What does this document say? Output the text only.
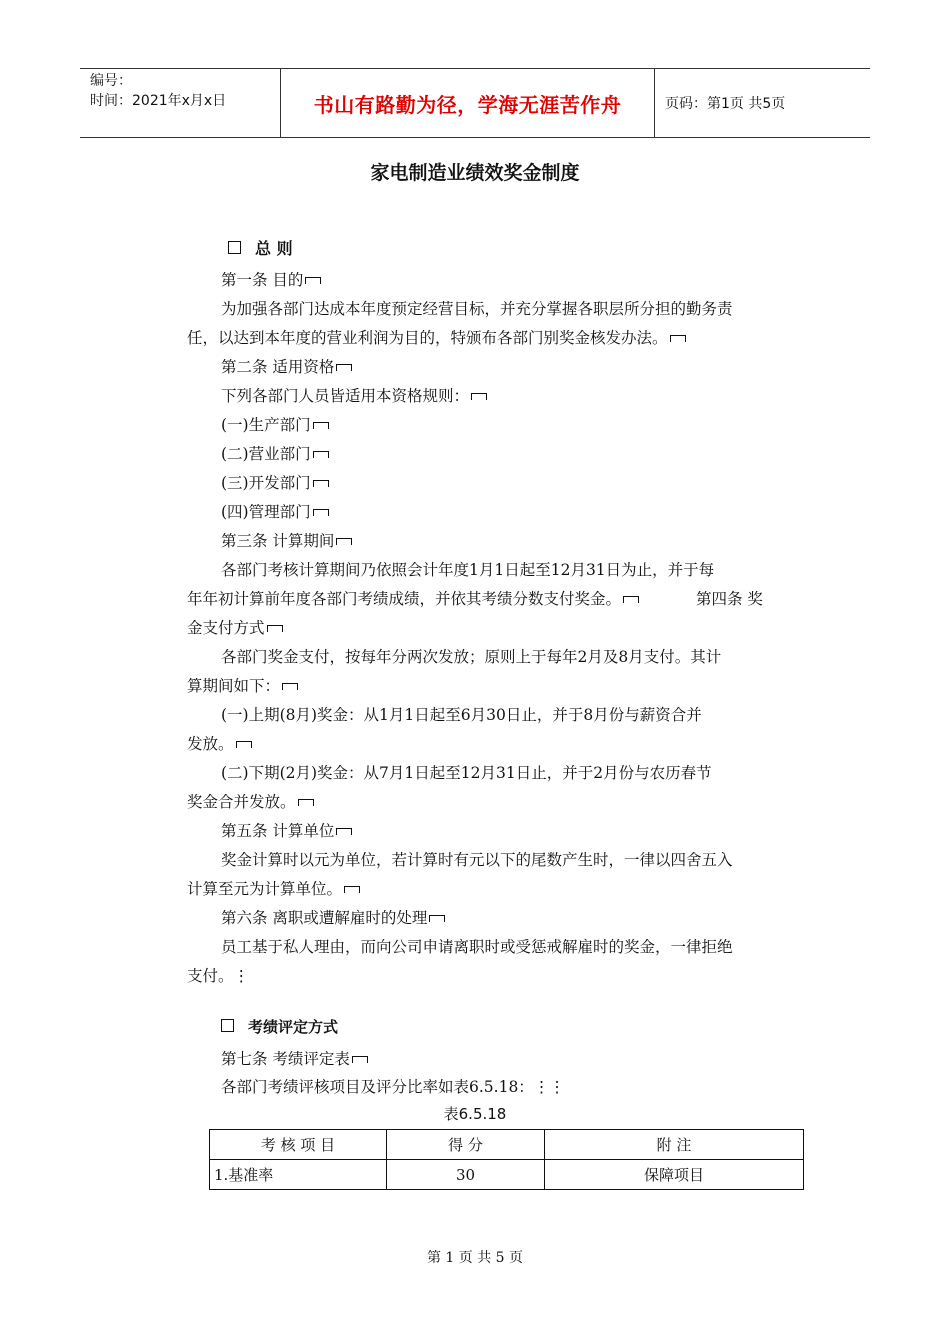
编号：
时间：2021年x月x日	书山有路勤为径，学海无涯苦作舟	页码：第1页 共5页
家电制造业绩效奖金制度
总 则
第一条 目的
为加强各部门达成本年度预定经营目标，并充分掌握各职层所分担的勤务责
任，以达到本年度的营业利润为目的，特颁布各部门别奖金核发办法。
第二条 适用资格
下列各部门人员皆适用本资格规则：
(一)生产部门
(二)营业部门
(三)开发部门
(四)管理部门
第三条 计算期间
各部门考核计算期间乃依照会计年度1月1日起至12月31日为止，并于每
年年初计算前年度各部门考绩成绩，并依其考绩分数支付奖金。	第四条 奖
金支付方式
各部门奖金支付，按每年分两次发放；原则上于每年2月及8月支付。其计
算期间如下：
(一)上期(8月)奖金：从1月1日起至6月30日止，并于8月份与薪资合并
发放。
(二)下期(2月)奖金：从7月1日起至12月31日止，并于2月份与农历春节
奖金合并发放。
第五条 计算单位
奖金计算时以元为单位，若计算时有元以下的尾数产生时，一律以四舍五入
计算至元为计算单位。
第六条 离职或遭解雇时的处理
员工基于私人理由，而向公司申请离职时或受惩戒解雇时的奖金，一律拒绝
支付。⋮
考绩评定方式
第七条 考绩评定表
各部门考绩评核项目及评分比率如表6.5.18：⋮⋮
表6.5.18
考 核 项 目	得 分	附 注
1.基准率	30	保障项目
第 1 页 共 5 页
